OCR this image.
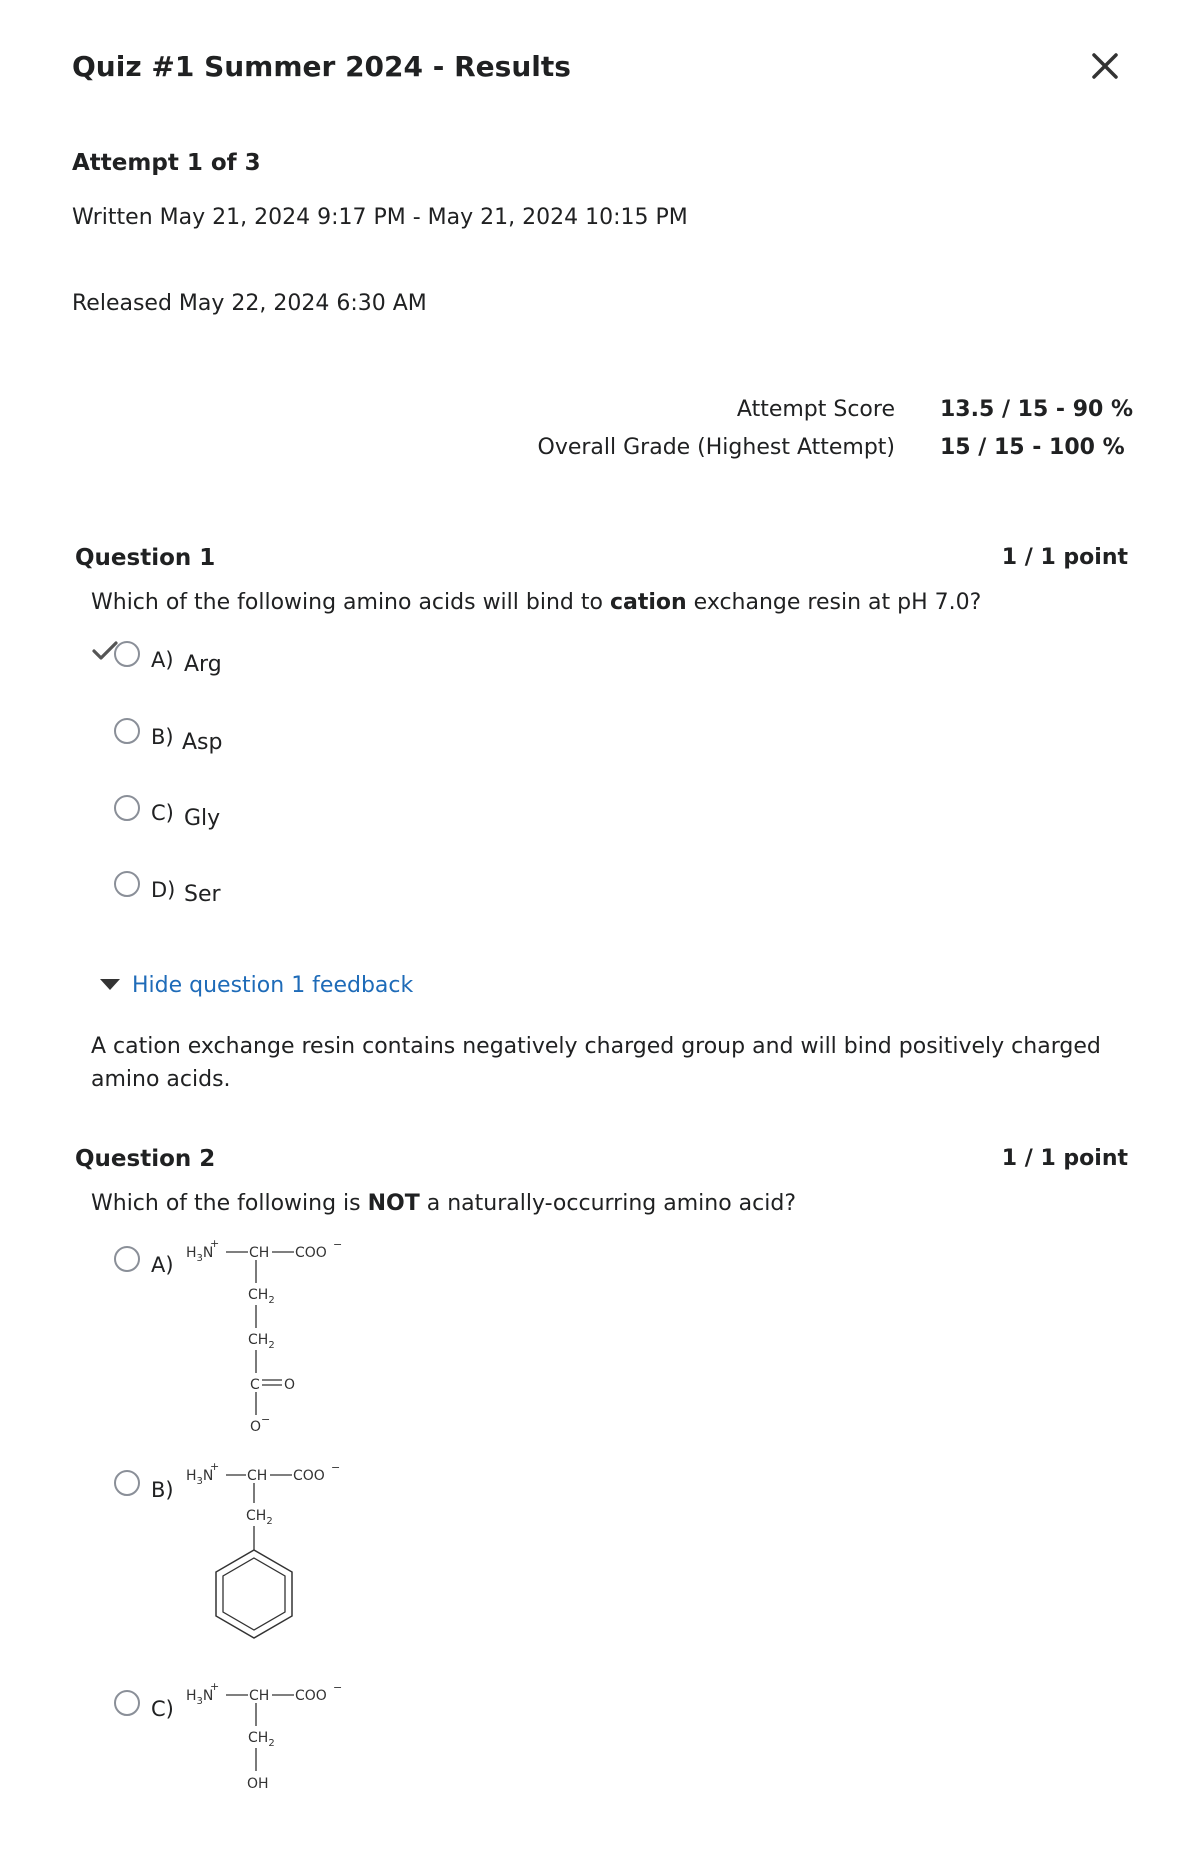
Quiz #1 Summer 2024 - Results
Attempt 1 of 3
Written May 21, 2024 9:17 PM - May 21, 2024 10:15 PM
Released May 22, 2024 6:30 AM
Attempt Score 13.5 / 15 - 90 %
Overall Grade (Highest Attempt) 15 / 15 - 100 %
Question 1	1 / 1 point
Which of the following amino acids will bind to cation exchange resin at pH 7.0?
A) Arg
B) Asp
C) Gly
D) Ser
Hide question 1 feedback
A cation exchange resin contains negatively charged group and will bind positively charged amino acids.
Question 2	1 / 1 point
Which of the following is NOT a naturally-occurring amino acid?
A) $H_3N$
+
CH COO
−
$CH_2$
$CH_2$
C O
O −
B)
$H_3N$
+
CH COO
−
$CH_2$
C)
$H_3N$
+
CH COO
−
$CH_2$
OH
